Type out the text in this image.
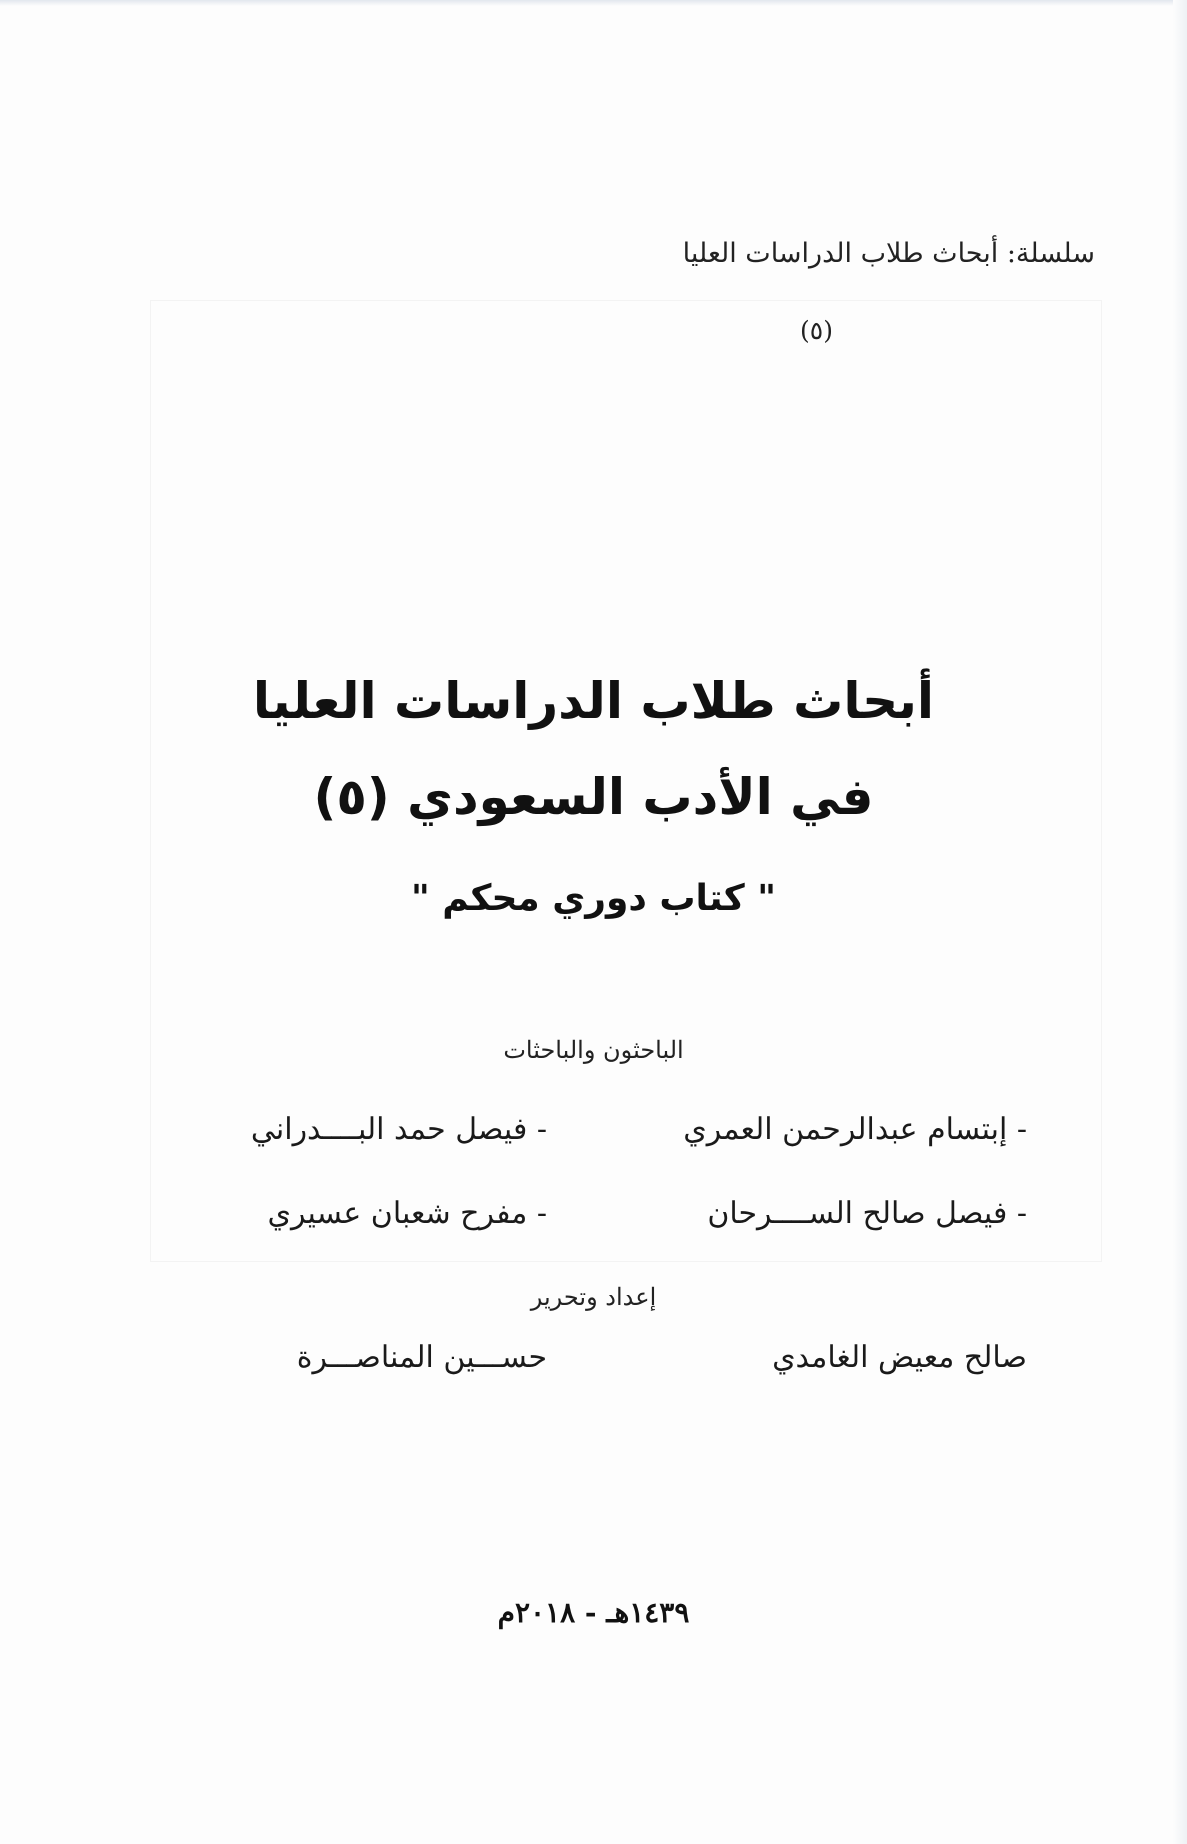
سلسلة: أبحاث طلاب الدراسات العليا
(٥)
أبحاث طلاب الدراسات العليا
في الأدب السعودي (٥)
" كتاب دوري محكم "
الباحثون والباحثات
- إبتسام عبدالرحمن العمري
- فيصل حمد البــــدراني
- فيصل صالح الســــرحان
- مفرح شعبان عسيري
إعداد وتحرير
صالح معيض الغامدي
حســـين المناصـــرة
١٤٣٩هـ - ٢٠١٨م
